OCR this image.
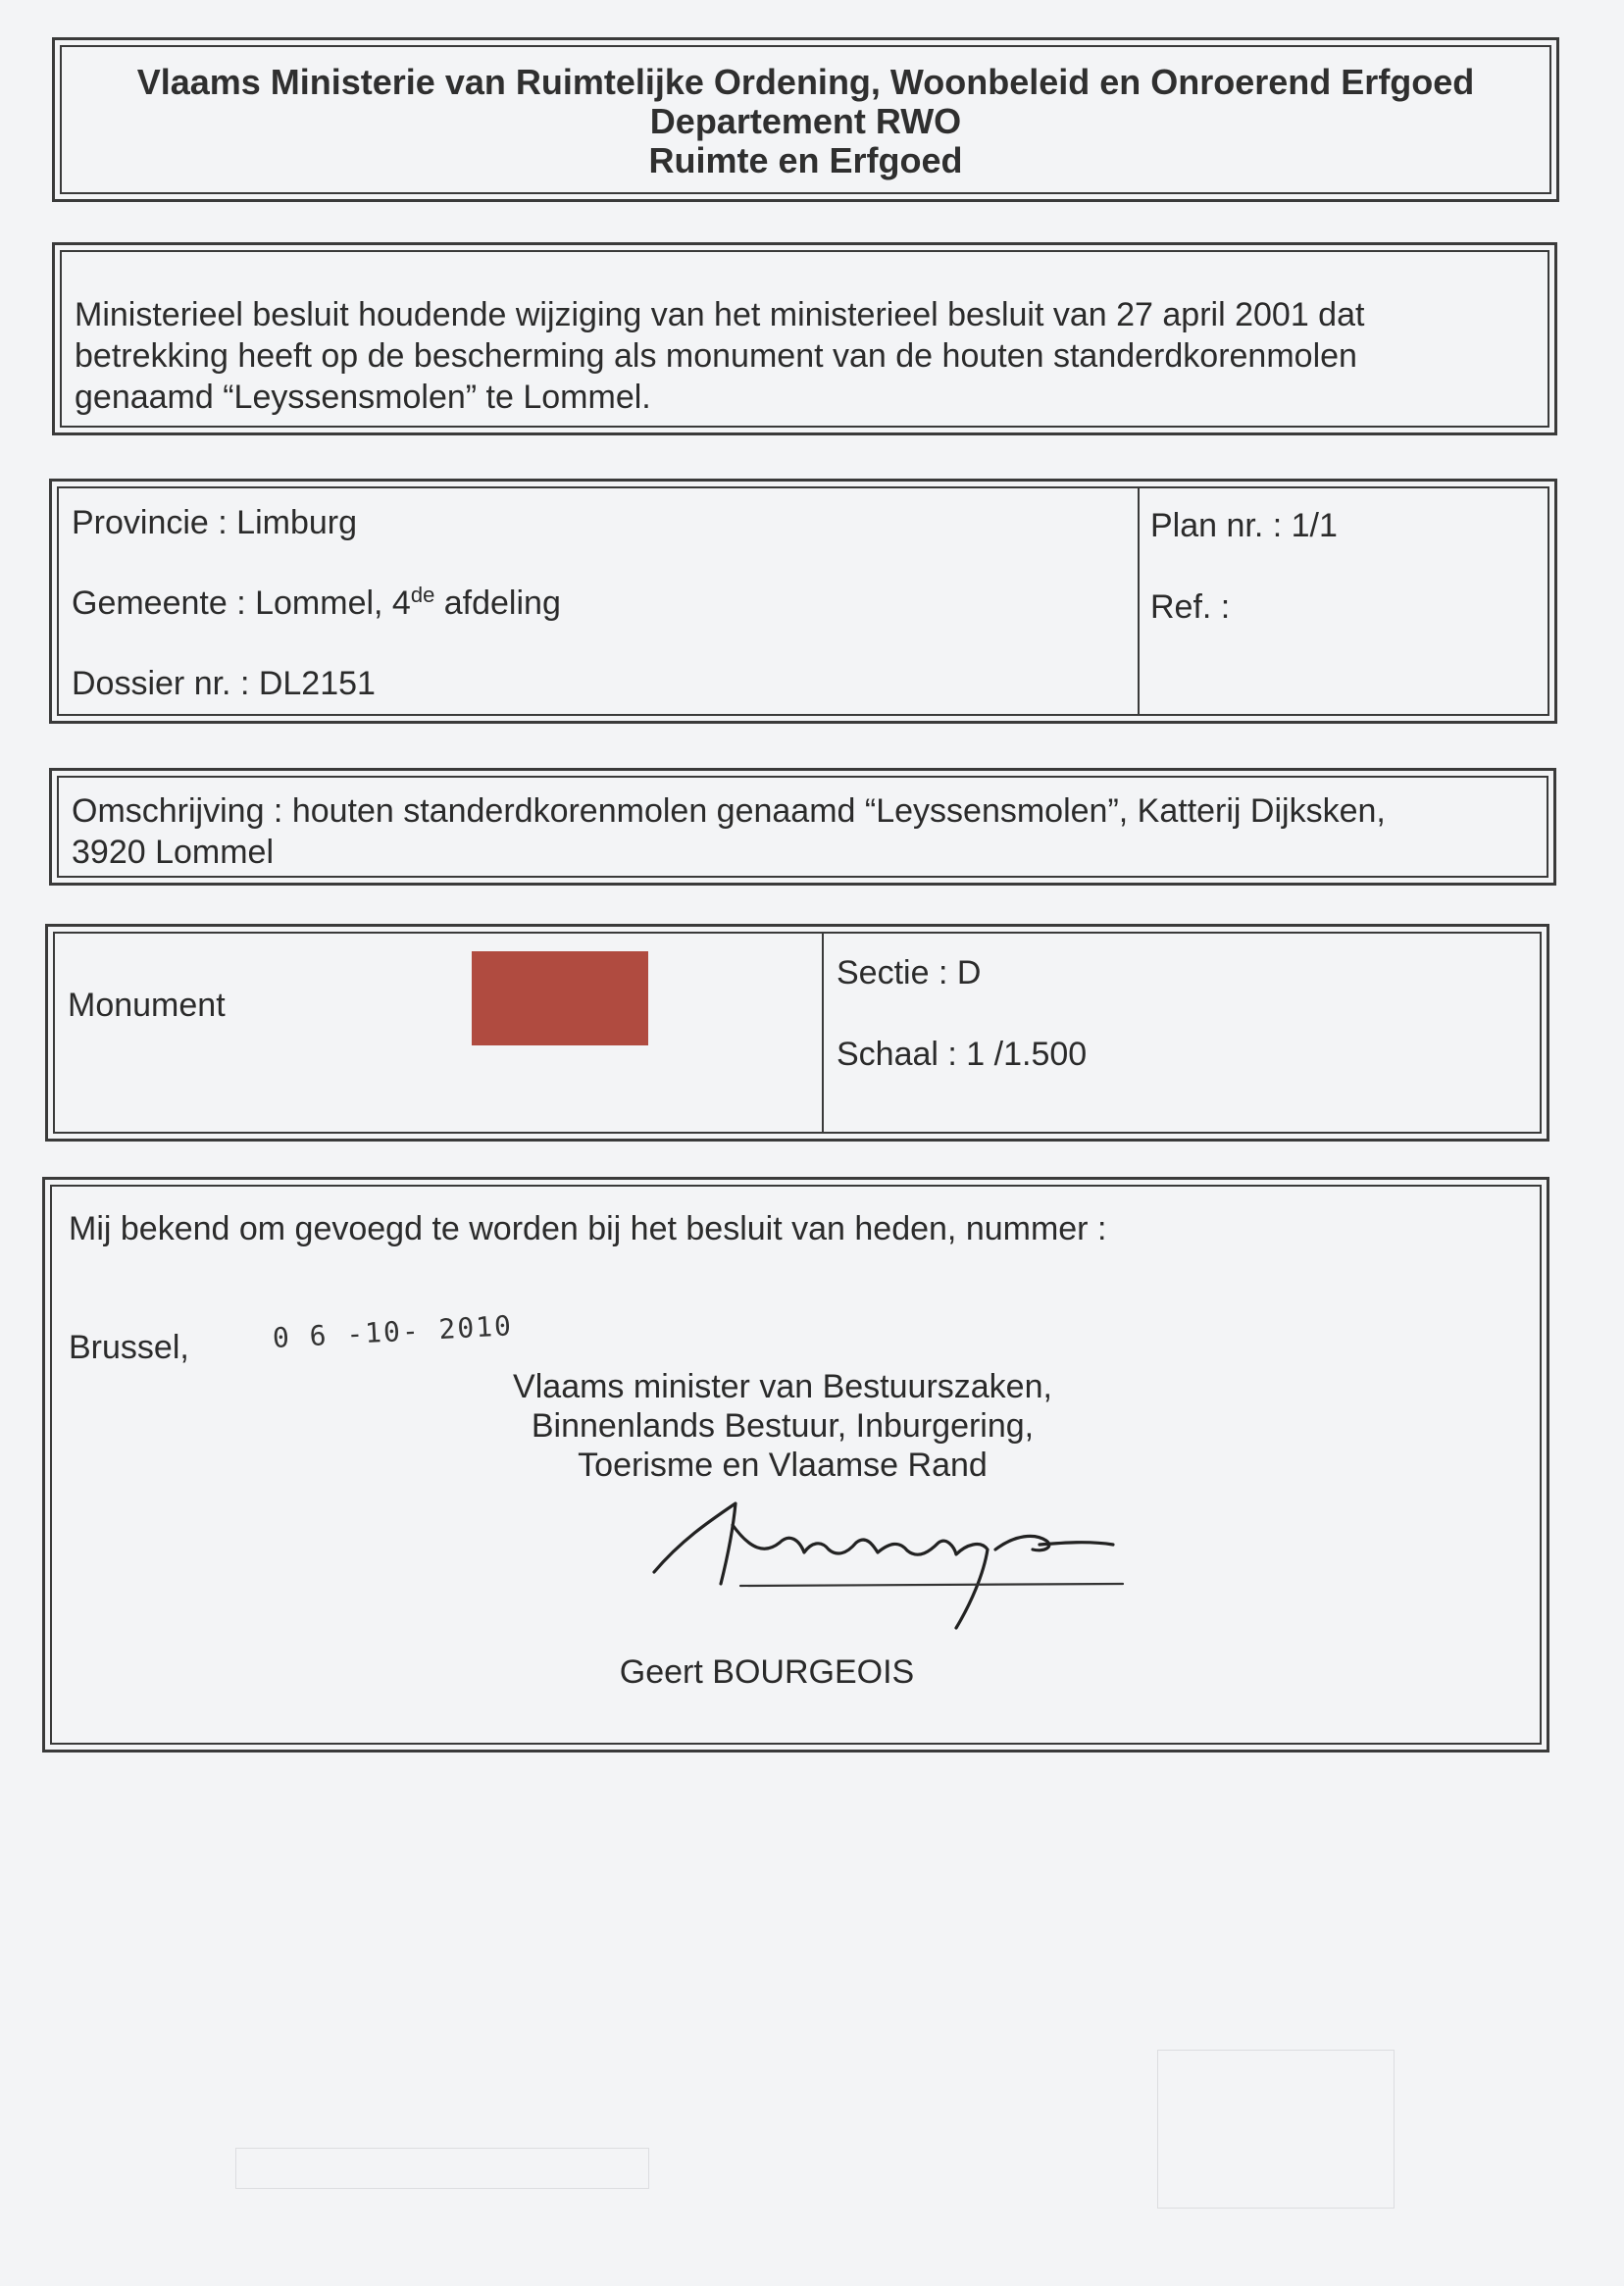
Vlaams Ministerie van Ruimtelijke Ordening, Woonbeleid en Onroerend Erfgoed
Departement RWO
Ruimte en Erfgoed
Ministerieel besluit houdende wijziging van het ministerieel besluit van 27 april 2001 dat
betrekking heeft op de bescherming als monument van de houten standerdkorenmolen
genaamd “Leyssensmolen” te Lommel.
Provincie : Limburg
Gemeente : Lommel, 4de afdeling
Dossier nr. : DL2151
Plan nr. : 1/1
Ref. :
Omschrijving : houten standerdkorenmolen genaamd “Leyssensmolen”, Katterij Dijksken,
3920 Lommel
Monument
Sectie : D
Schaal : 1 /1.500
Mij bekend om gevoegd te worden bij het besluit van heden, nummer :
Brussel,	0 6 -10- 2010
Vlaams minister van Bestuurszaken,
Binnenlands Bestuur, Inburgering,
Toerisme en Vlaamse Rand
Geert BOURGEOIS
